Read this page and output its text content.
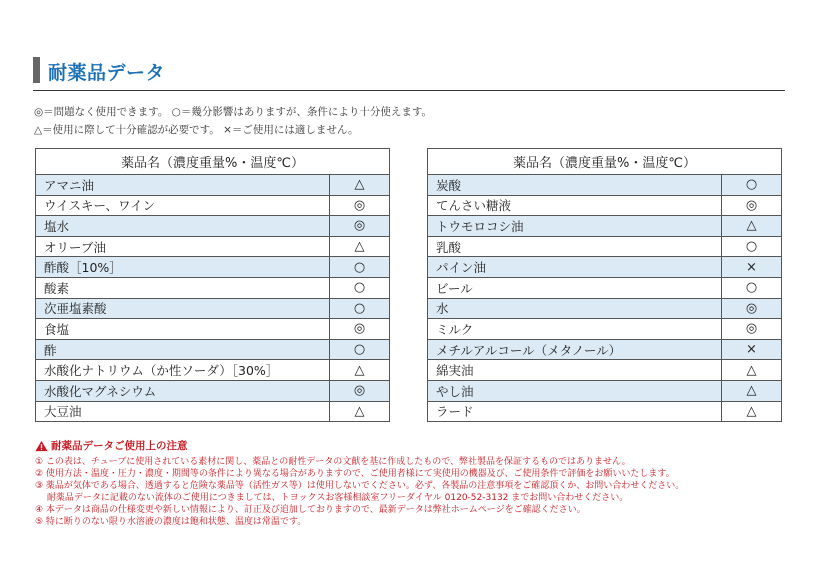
耐薬品データ
◎＝問題なく使用できます。 ○＝幾分影響はありますが、条件により十分使えます。
△＝使用に際して十分確認が必要です。 ×＝ご使用には適しません。
薬品名（濃度重量%・温度℃）	
アマニ油	△
ウイスキー、ワイン	◎
塩水	◎
オリーブ油	△
酢酸［10%］	○
酸素	○
次亜塩素酸	○
食塩	◎
酢	○
水酸化ナトリウム（か性ソーダ）［30%］	△
水酸化マグネシウム	◎
大豆油	△
薬品名（濃度重量%・温度℃）	
炭酸	○
てんさい糖液	◎
トウモロコシ油	△
乳酸	○
パイン油	×
ビール	○
水	◎
ミルク	◎
メチルアルコール（メタノール）	×
綿実油	△
やし油	△
ラード	△
耐薬品データご使用上の注意
① この表は、チューブに使用されている素材に関し、薬品との耐性データの文献を基に作成したもので、弊社製品を保証するものではありません。
② 使用方法・温度・圧力・濃度・期間等の条件により異なる場合がありますので、ご使用者様にて実使用の機器及び、ご使用条件で評価をお願いいたします。
③ 薬品が気体である場合、透過すると危険な薬品等（活性ガス等）は使用しないでください。必ず、各製品の注意事項をご確認頂くか、お問い合わせください。
　 耐薬品データに記載のない流体のご使用につきましては、トヨックスお客様相談室フリーダイヤル 0120-52-3132 までお問い合わせください。
④ 本データは商品の仕様変更や新しい情報により、訂正及び追加しておりますので、最新データは弊社ホームページをご確認ください。
⑤ 特に断りのない限り水溶液の濃度は飽和状態、温度は常温です。
